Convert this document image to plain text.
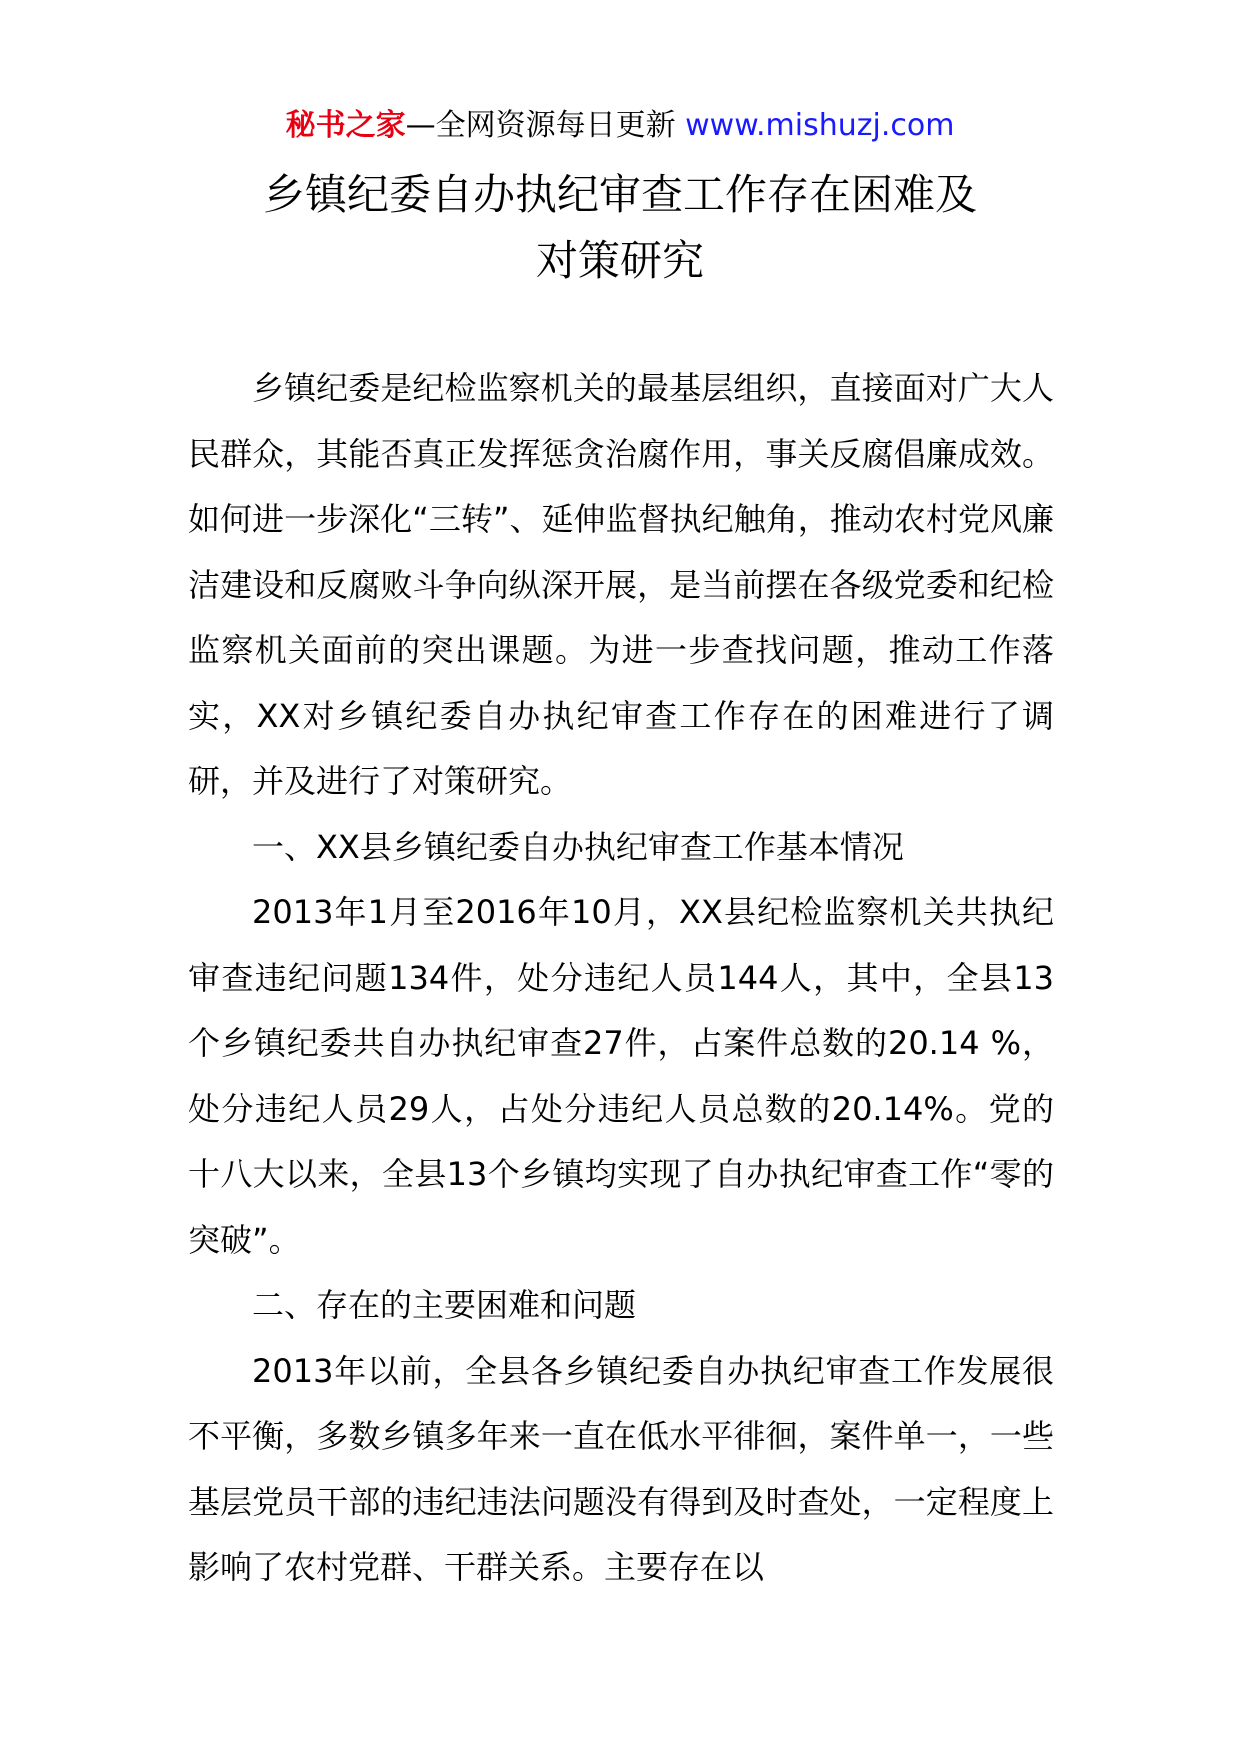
秘书之家—全网资源每日更新 www.mishuzj.com
乡镇纪委自办执纪审查工作存在困难及
对策研究

乡镇纪委是纪检监察机关的最基层组织，直接面对广大人民群众，其能否真正发挥惩贪治腐作用，事关反腐倡廉成效。如何进一步深化“三转”、延伸监督执纪触角，推动农村党风廉洁建设和反腐败斗争向纵深开展，是当前摆在各级党委和纪检监察机关面前的突出课题。为进一步查找问题，推动工作落实，XX对乡镇纪委自办执纪审查工作存在的困难进行了调研，并及进行了对策研究。

一、XX县乡镇纪委自办执纪审查工作基本情况

2013年1月至2016年10月，XX县纪检监察机关共执纪审查违纪问题134件，处分违纪人员144人，其中，全县13个乡镇纪委共自办执纪审查27件，占案件总数的20.14 %，处分违纪人员29人，占处分违纪人员总数的20.14%。党的十八大以来，全县13个乡镇均实现了自办执纪审查工作“零的突破”。

二、存在的主要困难和问题

2013年以前，全县各乡镇纪委自办执纪审查工作发展很不平衡，多数乡镇多年来一直在低水平徘徊，案件单一，一些基层党员干部的违纪违法问题没有得到及时查处，一定程度上影响了农村党群、干群关系。主要存在以
